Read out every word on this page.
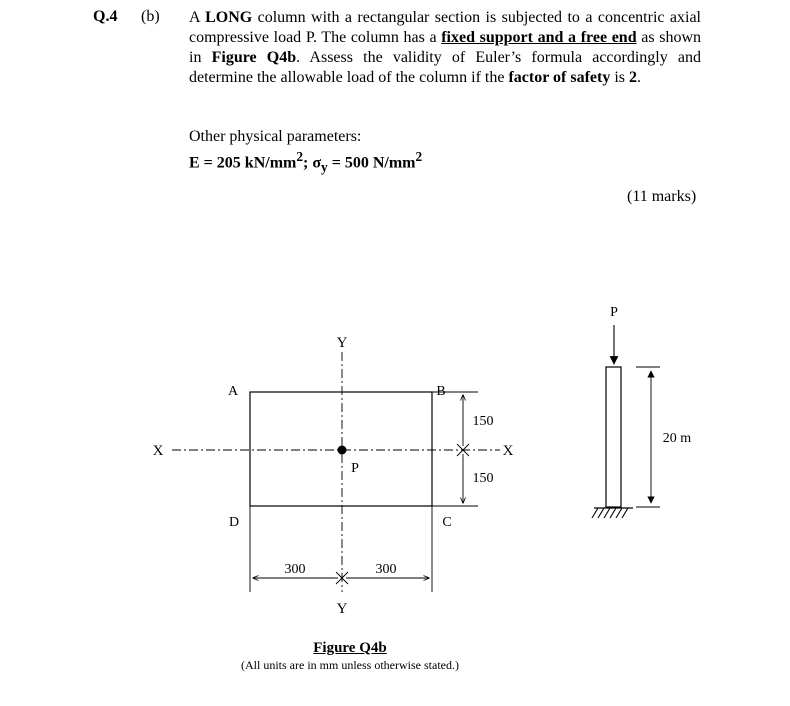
Q.4 (b) A LONG column with a rectangular section is subjected to a concentric axial compressive load P. The column has a fixed support and a free end as shown in Figure Q4b. Assess the validity of Euler’s formula accordingly and determine the allowable load of the column if the factor of safety is 2.
Other physical parameters:
E = 205 $kN/mm^2$; $\sigma_y = 500$ $N/mm^2$
(11 marks)
Y
Y
X	X
A	B
C
D
P
150
150
300	300
P
20 m
Figure Q4b
(All units are in mm unless otherwise stated.)
